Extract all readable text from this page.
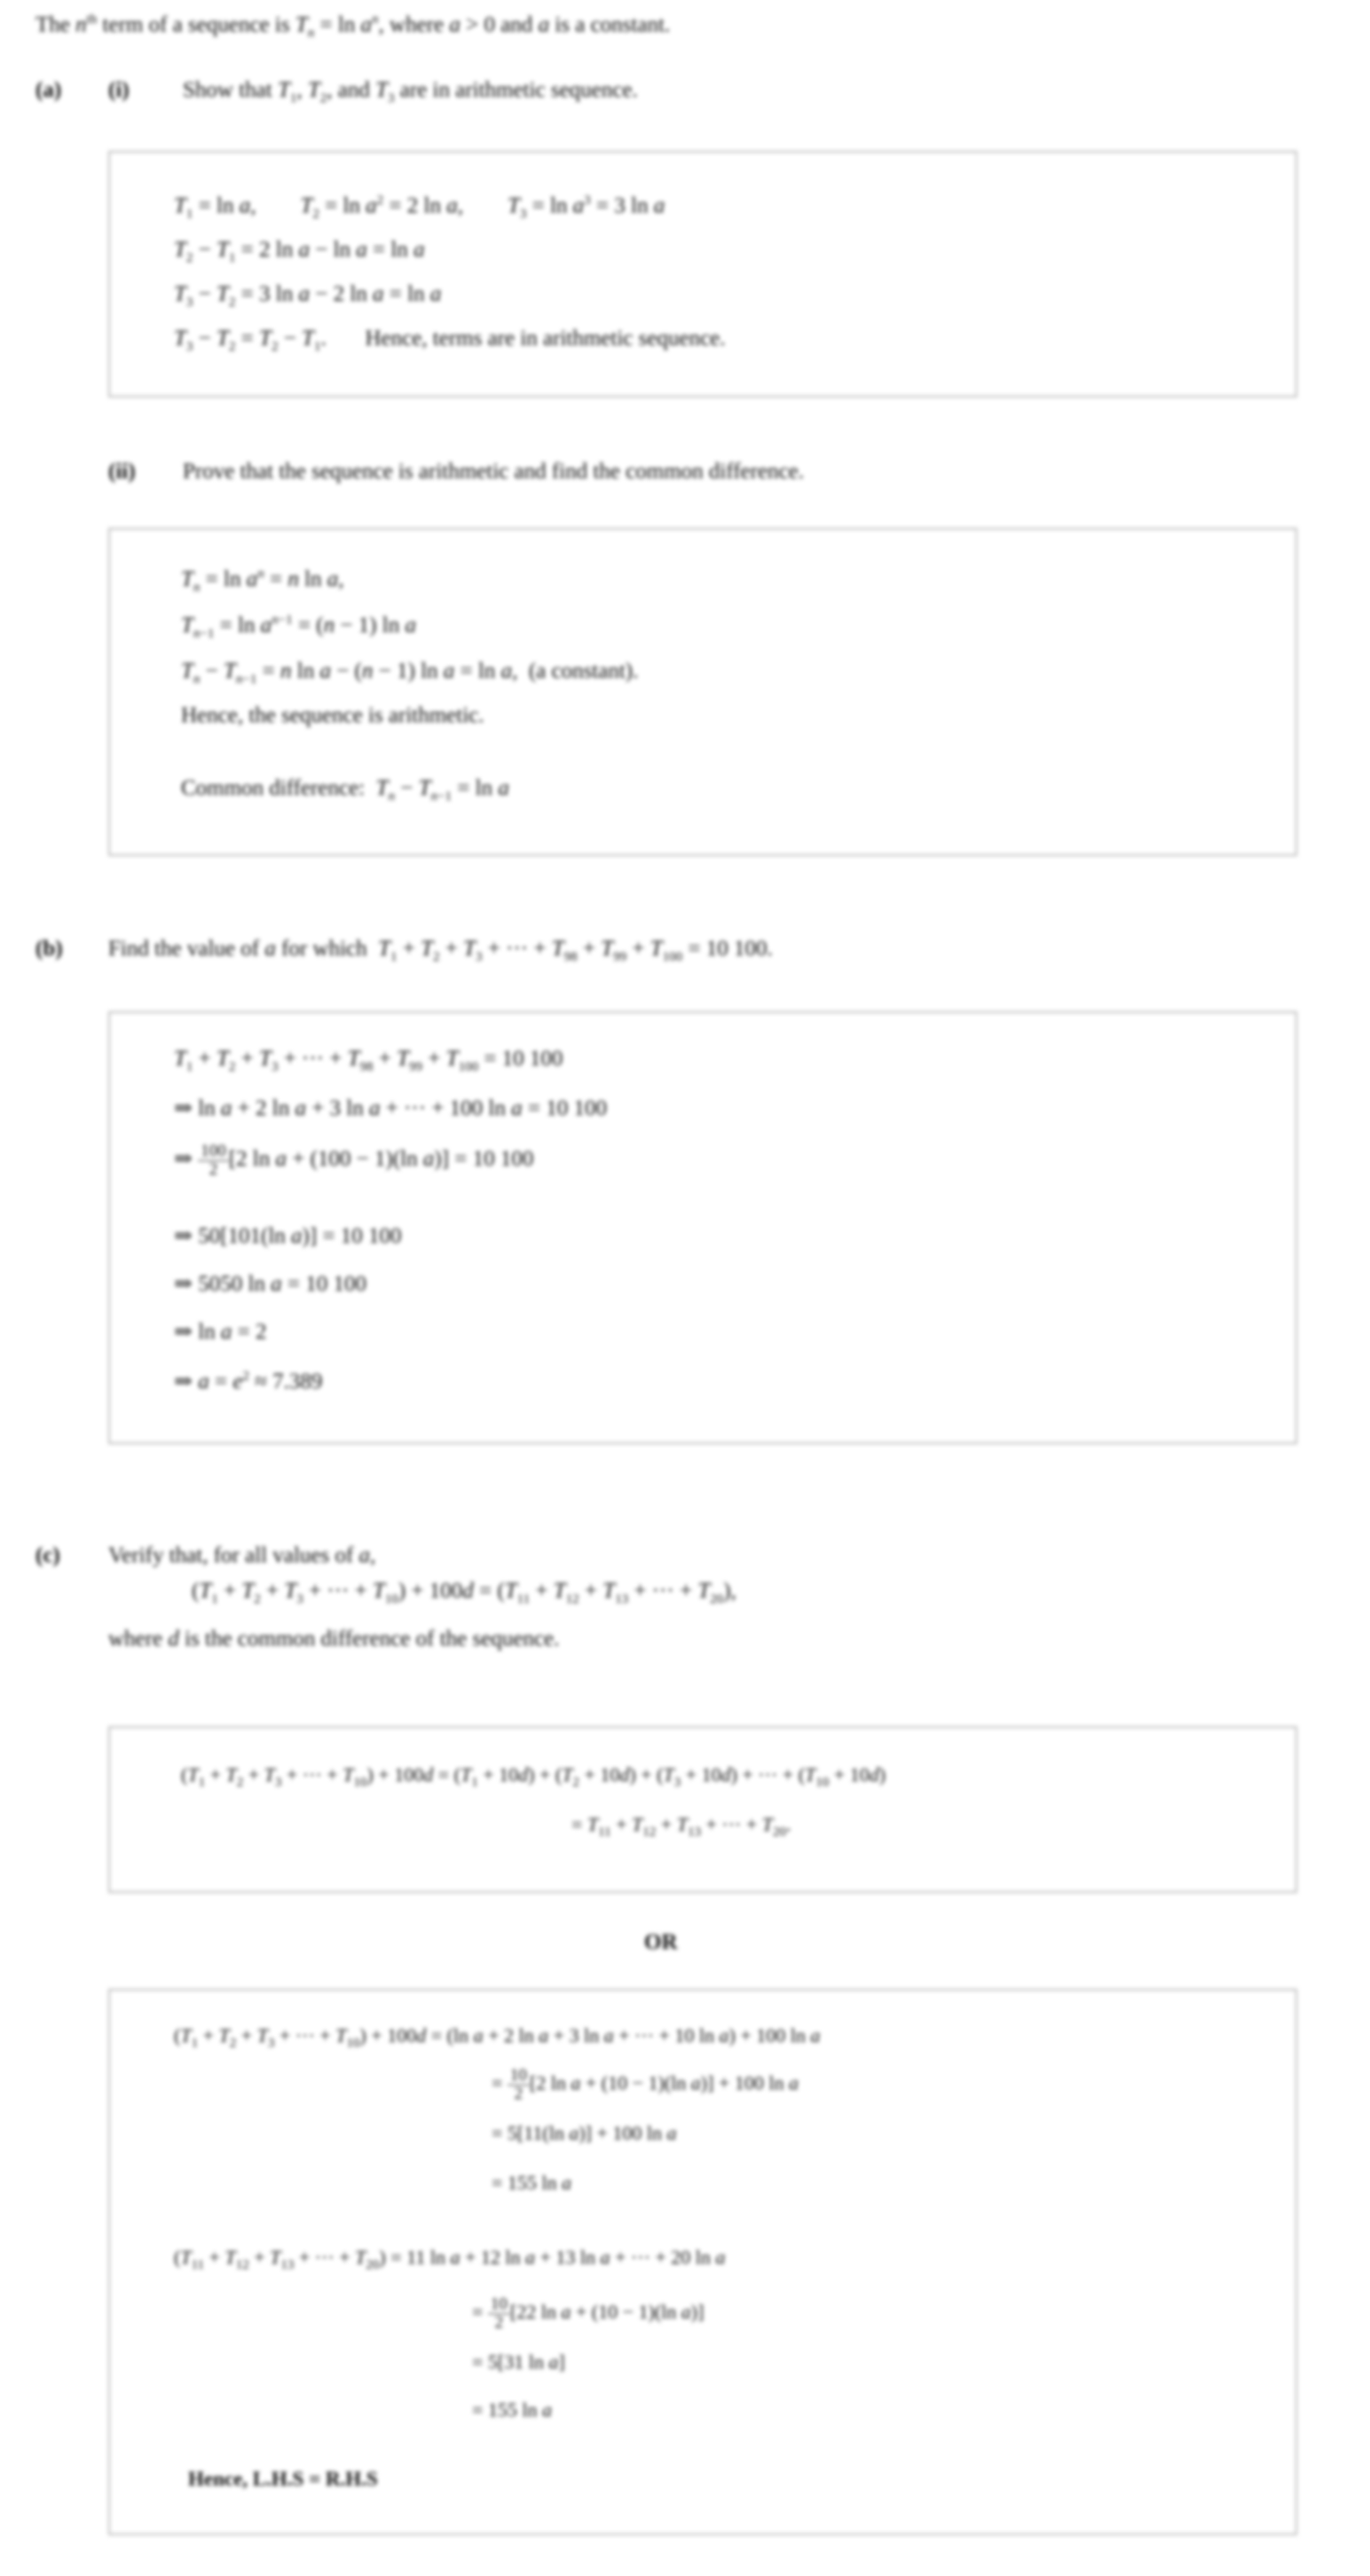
The $n^{th}$ term of a sequence is $T_n = \ln a^n$, where a > 0 and a is a constant.
(a) (i) Show that $T_1$, $T_2$, and $T_3$ are in arithmetic sequence.
$T_1 = \ln a$,        $T_2 = \ln a^2 = 2$ ln a,        $T_3 = \ln a^3 = 3$ ln a
$T_2 - T_1 = 2$ ln a − ln a = ln a
$T_3 - T_2 = 3$ ln a − 2 ln a = ln a
$T_3 - T_2 = T_2 - T_1$.       Hence, terms are in arithmetic sequence.
(ii) Prove that the sequence is arithmetic and find the common difference.
$T_n = \ln a^n = n$ ln a,
$T_{n-1} = \ln a^{n-1} = (n - 1)$ ln a
$T_n - T_{n-1} = n$ ln a − (n − 1) ln a = ln a,  (a constant).
Hence, the sequence is arithmetic.
Common difference:  $T_n - T_{n-1} = \ln a$
(b) Find the value of a for which  $T_1 + T_2 + T_3$ + ··· + $T_{98} + T_{99} + T_{100} = 10$ 100.
$T_1 + T_2 + T_3$ + ··· + $T_{98} + T_{99} + T_{100} = 10$ 100
⇒ ln a + 2 ln a + 3 ln a + ··· + 100 ln a = 10 100
⇒ $\frac{100}{2} [2$ ln a + (100 − 1)(ln a)] = 10 100
⇒ 50[101(ln a)] = 10 100
⇒ 5050 ln a = 10 100
⇒ ln a = 2
⇒ $a = e^2 \approx 7.389$
(c) Verify that, for all values of a,
($T_1 + T_2 + T_3$ + ··· + $T_{10}) + 100d = (T_{11} + T_{12} + T_{13}$ + ··· + $T_{20}$),
where d is the common difference of the sequence.
($T_1 + T_2 + T_3$ + ··· + $T_{10}) + 100d = (T_1 + 10d) + (T_2 + 10d) + (T_3 + 10d)$ + ··· + $(T_{10} + 10d)$
= $T_{11} + T_{12} + T_{13}$ + ··· + $T_{20}$.
OR
($T_1 + T_2 + T_3$ + ··· + $T_{10}) + 100d = (\ln$ a + 2 ln a + 3 ln a + ··· + 10 ln a) + 100 ln a
= $\frac{10}{2} [2$ ln a + (10 − 1)(ln a)] + 100 ln a
= 5[11(ln a)] + 100 ln a
= 155 ln a
($T_{11} + T_{12} + T_{13}$ + ··· + $T_{20}) = 11$ ln a + 12 ln a + 13 ln a + ··· + 20 ln a
= $\frac{10}{2} [22$ ln a + (10 − 1)(ln a)]
= 5[31 ln a]
= 155 ln a
Hence, L.H.S = R.H.S
